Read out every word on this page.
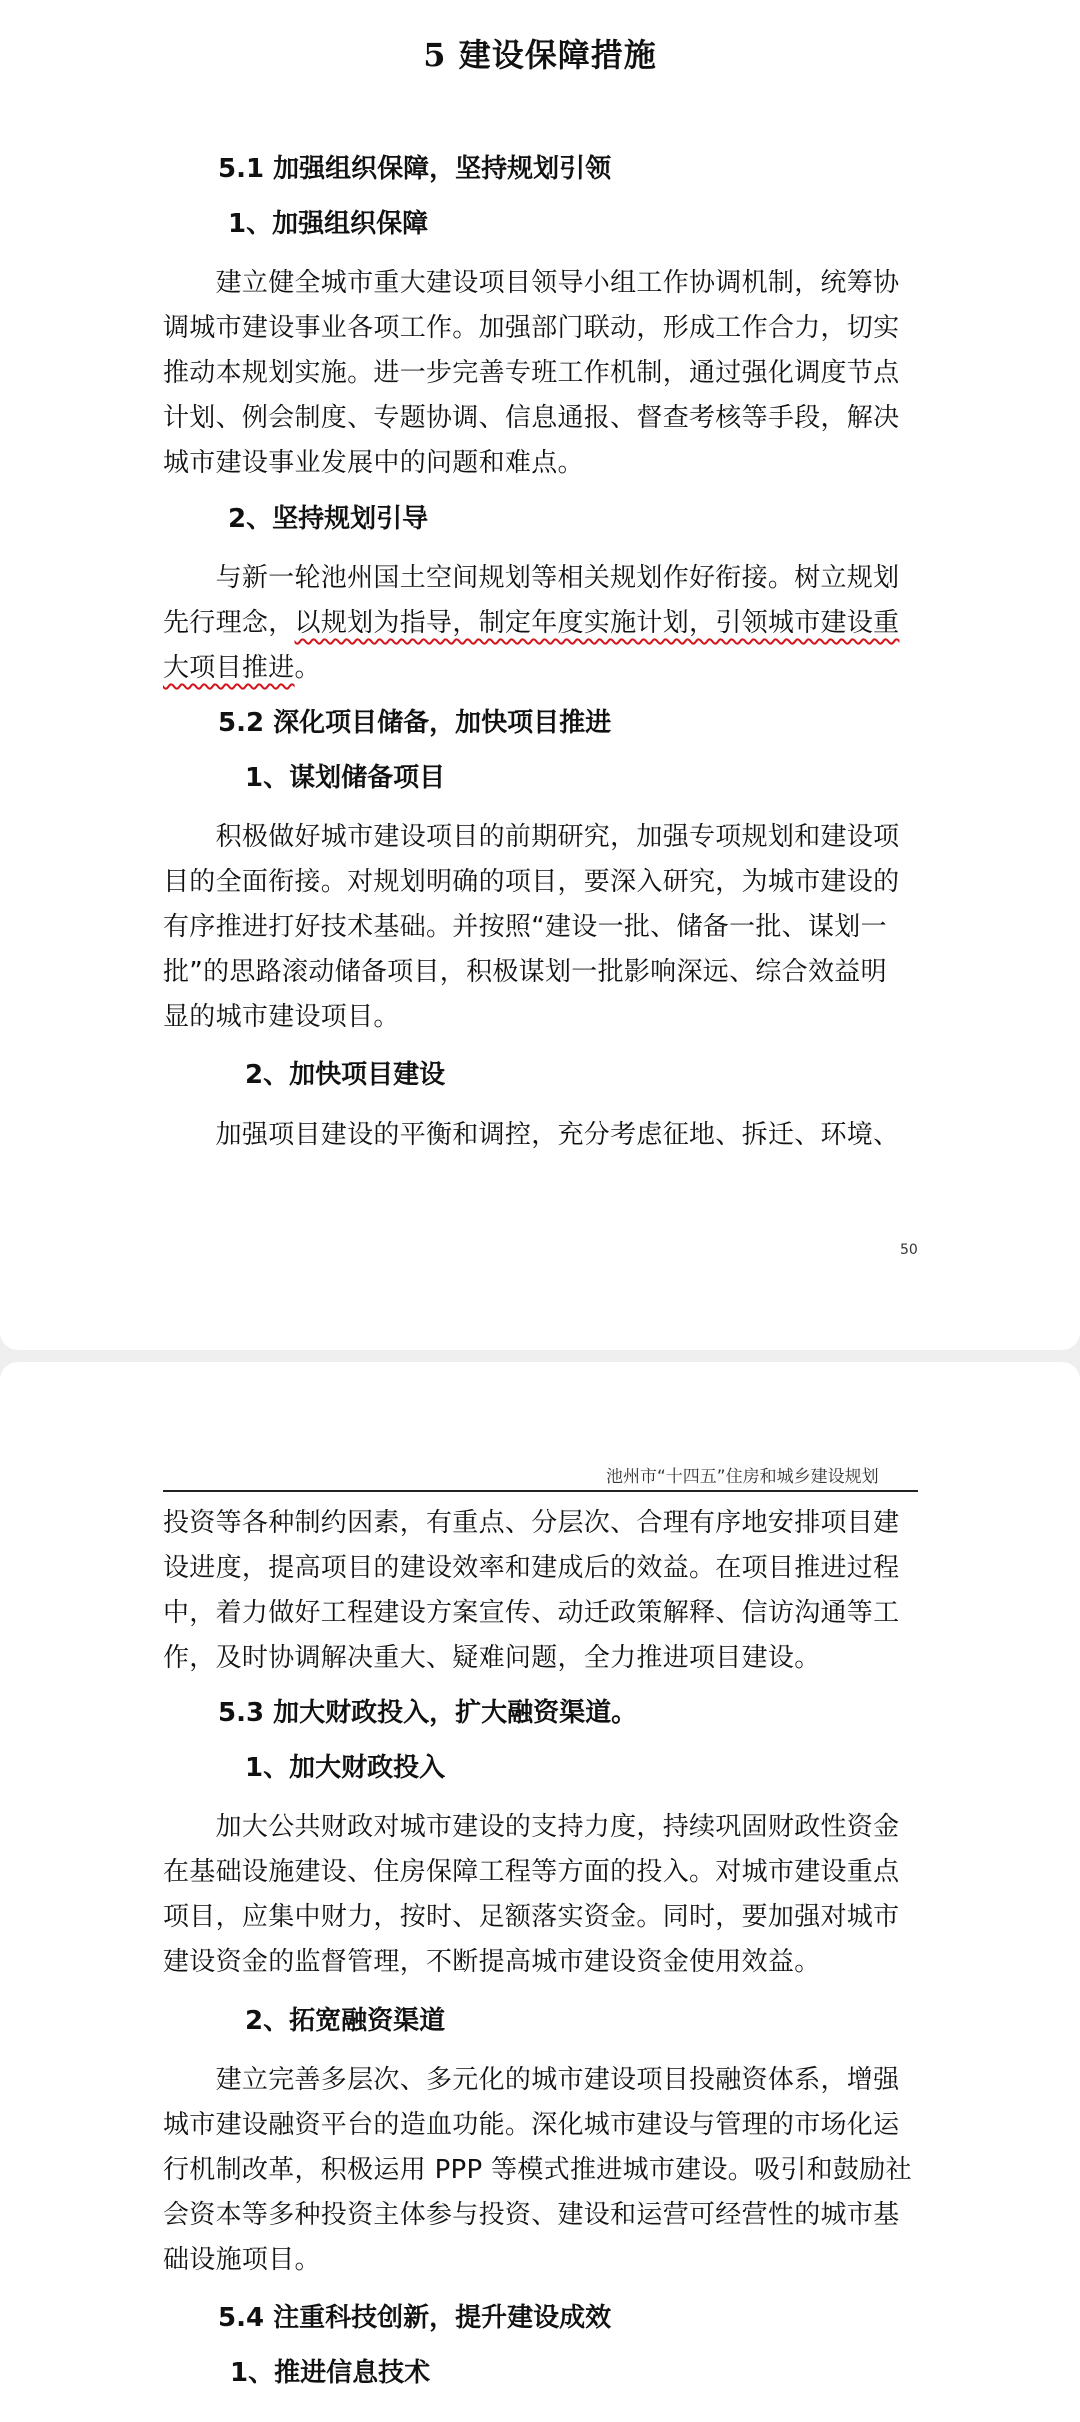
5 建设保障措施
5.1 加强组织保障，坚持规划引领
1、加强组织保障
　　建立健全城市重大建设项目领导小组工作协调机制，统筹协
调城市建设事业各项工作。加强部门联动，形成工作合力，切实
推动本规划实施。进一步完善专班工作机制，通过强化调度节点
计划、例会制度、专题协调、信息通报、督查考核等手段，解决
城市建设事业发展中的问题和难点。
2、坚持规划引导
　　与新一轮池州国土空间规划等相关规划作好衔接。树立规划
先行理念，以规划为指导，制定年度实施计划，引领城市建设重
大项目推进。
5.2 深化项目储备，加快项目推进
1、谋划储备项目
　　积极做好城市建设项目的前期研究，加强专项规划和建设项
目的全面衔接。对规划明确的项目，要深入研究，为城市建设的
有序推进打好技术基础。并按照“建设一批、储备一批、谋划一
批”的思路滚动储备项目，积极谋划一批影响深远、综合效益明
显的城市建设项目。
2、加快项目建设
　　加强项目建设的平衡和调控，充分考虑征地、拆迁、环境、
50
池州市“十四五”住房和城乡建设规划
投资等各种制约因素，有重点、分层次、合理有序地安排项目建
设进度，提高项目的建设效率和建成后的效益。在项目推进过程
中，着力做好工程建设方案宣传、动迁政策解释、信访沟通等工
作，及时协调解决重大、疑难问题，全力推进项目建设。
5.3 加大财政投入，扩大融资渠道。
1、加大财政投入
　　加大公共财政对城市建设的支持力度，持续巩固财政性资金
在基础设施建设、住房保障工程等方面的投入。对城市建设重点
项目，应集中财力，按时、足额落实资金。同时，要加强对城市
建设资金的监督管理，不断提高城市建设资金使用效益。
2、拓宽融资渠道
　　建立完善多层次、多元化的城市建设项目投融资体系，增强
城市建设融资平台的造血功能。深化城市建设与管理的市场化运
行机制改革，积极运用 PPP 等模式推进城市建设。吸引和鼓励社
会资本等多种投资主体参与投资、建设和运营可经营性的城市基
础设施项目。
5.4 注重科技创新，提升建设成效
1、推进信息技术
